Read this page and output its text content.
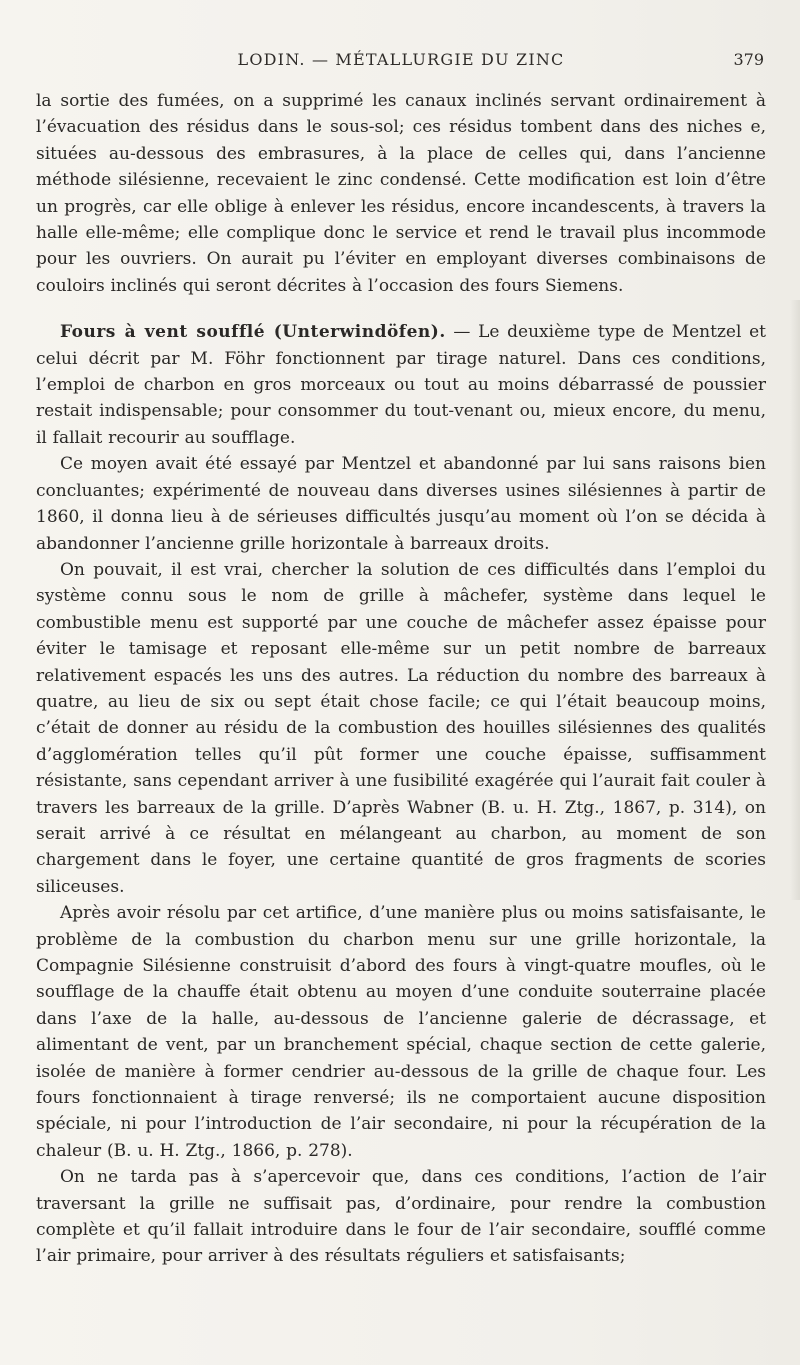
LODIN. — MÉTALLURGIE DU ZINC	379

la sortie des fumées, on a supprimé les canaux inclinés servant ordinairement à l’évacuation des résidus dans le sous-sol; ces résidus tombent dans des niches e, situées au-dessous des embrasures, à la place de celles qui, dans l’ancienne méthode silésienne, recevaient le zinc condensé. Cette modification est loin d’être un progrès, car elle oblige à enlever les résidus, encore incandescents, à travers la halle elle-même; elle complique donc le service et rend le travail plus incommode pour les ouvriers. On aurait pu l’éviter en employant diverses combinaisons de couloirs inclinés qui seront décrites à l’occasion des fours Siemens.

Fours à vent soufflé (Unterwindöfen). — Le deuxième type de Mentzel et celui décrit par M. Föhr fonctionnent par tirage naturel. Dans ces conditions, l’emploi de charbon en gros morceaux ou tout au moins débarrassé de poussier restait indispensable; pour consommer du tout-venant ou, mieux encore, du menu, il fallait recourir au soufflage.

Ce moyen avait été essayé par Mentzel et abandonné par lui sans raisons bien concluantes; expérimenté de nouveau dans diverses usines silésiennes à partir de 1860, il donna lieu à de sérieuses difficultés jusqu’au moment où l’on se décida à abandonner l’ancienne grille horizontale à barreaux droits.

On pouvait, il est vrai, chercher la solution de ces difficultés dans l’emploi du système connu sous le nom de grille à mâchefer, système dans lequel le combustible menu est supporté par une couche de mâchefer assez épaisse pour éviter le tamisage et reposant elle-même sur un petit nombre de barreaux relativement espacés les uns des autres. La réduction du nombre des barreaux à quatre, au lieu de six ou sept était chose facile; ce qui l’était beaucoup moins, c’était de donner au résidu de la combustion des houilles silésiennes des qualités d’agglomération telles qu’il pût former une couche épaisse, suffisamment résistante, sans cependant arriver à une fusibilité exagérée qui l’aurait fait couler à travers les barreaux de la grille. D’après Wabner (B. u. H. Ztg., 1867, p. 314), on serait arrivé à ce résultat en mélangeant au charbon, au moment de son chargement dans le foyer, une certaine quantité de gros fragments de scories siliceuses.

Après avoir résolu par cet artifice, d’une manière plus ou moins satisfaisante, le problème de la combustion du charbon menu sur une grille horizontale, la Compagnie Silésienne construisit d’abord des fours à vingt-quatre moufles, où le soufflage de la chauffe était obtenu au moyen d’une conduite souterraine placée dans l’axe de la halle, au-dessous de l’ancienne galerie de décrassage, et alimentant de vent, par un branchement spécial, chaque section de cette galerie, isolée de manière à former cendrier au-dessous de la grille de chaque four. Les fours fonctionnaient à tirage renversé; ils ne comportaient aucune disposition spéciale, ni pour l’introduction de l’air secondaire, ni pour la récupération de la chaleur (B. u. H. Ztg., 1866, p. 278).

On ne tarda pas à s’apercevoir que, dans ces conditions, l’action de l’air traversant la grille ne suffisait pas, d’ordinaire, pour rendre la combustion complète et qu’il fallait introduire dans le four de l’air secondaire, soufflé comme l’air primaire, pour arriver à des résultats réguliers et satisfaisants;
